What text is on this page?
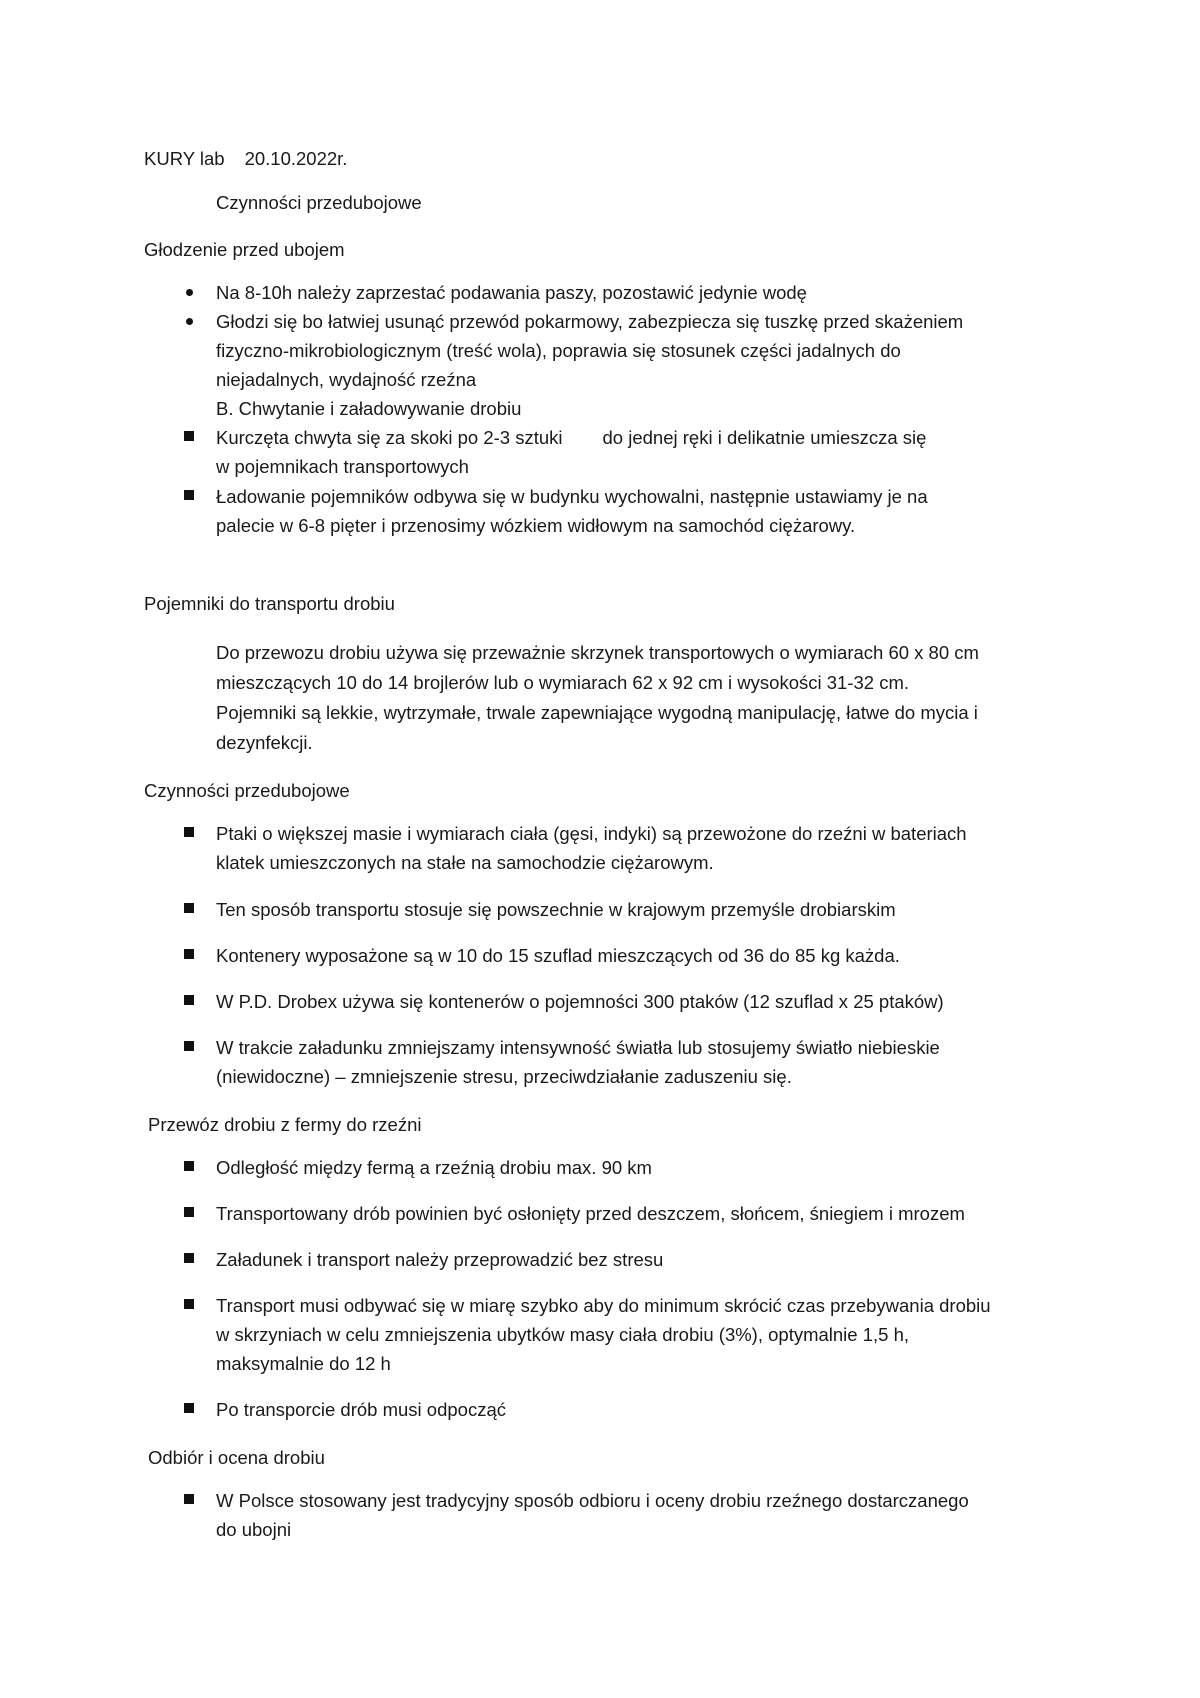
KURY lab 20.10.2022r.
Czynności przedubojowe
Głodzenie przed ubojem
Na 8-10h należy zaprzestać podawania paszy, pozostawić jedynie wodę
Głodzi się bo łatwiej usunąć przewód pokarmowy, zabezpiecza się tuszkę przed skażeniem
fizyczno-mikrobiologicznym (treść wola), poprawia się stosunek części jadalnych do
niejadalnych, wydajność rzeźna
B. Chwytanie i załadowywanie drobiu
Kurczęta chwyta się za skoki po 2-3 sztuki do jednej ręki i delikatnie umieszcza się
w pojemnikach transportowych
Ładowanie pojemników odbywa się w budynku wychowalni, następnie ustawiamy je na
palecie w 6-8 pięter i przenosimy wózkiem widłowym na samochód ciężarowy.
Pojemniki do transportu drobiu
Do przewozu drobiu używa się przeważnie skrzynek transportowych o wymiarach 60 x 80 cm
mieszczących 10 do 14 brojlerów lub o wymiarach 62 x 92 cm i wysokości 31-32 cm.
Pojemniki są lekkie, wytrzymałe, trwale zapewniające wygodną manipulację, łatwe do mycia i
dezynfekcji.
Czynności przedubojowe
Ptaki o większej masie i wymiarach ciała (gęsi, indyki) są przewożone do rzeźni w bateriach
klatek umieszczonych na stałe na samochodzie ciężarowym.
Ten sposób transportu stosuje się powszechnie w krajowym przemyśle drobiarskim
Kontenery wyposażone są w 10 do 15 szuflad mieszczących od 36 do 85 kg każda.
W P.D. Drobex używa się kontenerów o pojemności 300 ptaków (12 szuflad x 25 ptaków)
W trakcie załadunku zmniejszamy intensywność światła lub stosujemy światło niebieskie
(niewidoczne) – zmniejszenie stresu, przeciwdziałanie zaduszeniu się.
Przewóz drobiu z fermy do rzeźni
Odległość między fermą a rzeźnią drobiu max. 90 km
Transportowany drób powinien być osłonięty przed deszczem, słońcem, śniegiem i mrozem
Załadunek i transport należy przeprowadzić bez stresu
Transport musi odbywać się w miarę szybko aby do minimum skrócić czas przebywania drobiu
w skrzyniach w celu zmniejszenia ubytków masy ciała drobiu (3%), optymalnie 1,5 h,
maksymalnie do 12 h
Po transporcie drób musi odpocząć
Odbiór i ocena drobiu
W Polsce stosowany jest tradycyjny sposób odbioru i oceny drobiu rzeźnego dostarczanego
do ubojni
